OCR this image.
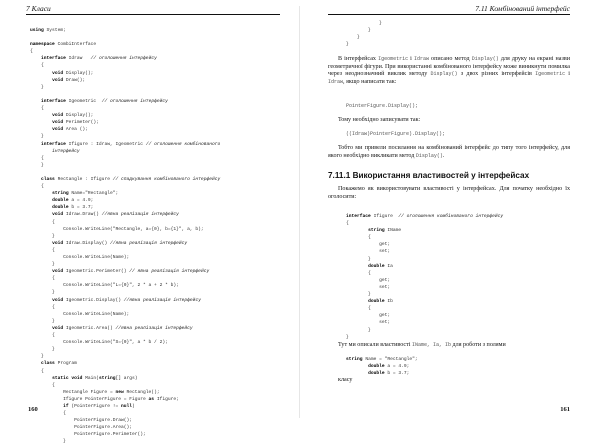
7 Класи
using System;
namespace CombiInterface
{
interface Idraw   // оголошення інтерфейсу
{
void Display();
void Draw();
}
interface Igeometric  // оголошення інтерфейсу
{
void Display();
void Perimeter();
void Area ();
}
interface Ifigure : Idraw, Igeometric // оголошення комбінованого
інтерфейсу
{
}
class Rectangle : Ifigure // спадкування комбінованого інтерфейсу
{
string Name="Rectangle";
double a = 4.9;
double b = 3.7;
void Idraw.Draw() //явна реалізація інтерфейсу
{
Console.WriteLine("Rectangle, a={0}, b={1}", a, b);
}
void Idraw.Display() //явна реалізація інтерфейсу
{
Console.WriteLine(Name);
}
void Igeometric.Perimeter() // явна реалізація інтерфейсу
{
Console.WriteLine("L={0}", 2 * a + 2 * b);
}
void Igeometric.Display() //явна реалізація інтерфейсу
{
Console.WriteLine(Name);
}
void Igeometric.Area() //явна реалізація інтерфейсу
{
Console.WriteLine("S={0}", a * b / 2);
}
}
class Program
{
static void Main(string[] args)
{
Rectangle Figure = new Rectangle();
Ifigure PointerFigure = Figure as Ifigure;
if (PointerFigure != null)
{
PointerFigure.Draw();
PointerFigure.Area();
PointerFigure.Perimeter();
}
160
7.11 Комбінований інтерфейс
}
}
}
}
В інтерфейсах Igeometric і Idraw описано метод Display() для друку на екрані назви геометричної фігури. При використанні комбінованого інтерфейсу може виникнути помилка через неоднозначний виклик методу Display() з двох різних інтерфейсів Igeometric і Idraw, якщо написати так:
PointerFigure.Display();
Тому необхідно записувати так:
((Idraw)PointerFigure).Display();
Тобто ми привели посилання на комбінований інтерфейс до типу того інтерфейсу, для якого необхідно викликати метод Display().
7.11.1 Використання властивостей у інтерфейсах
Покажемо як використовувати властивості у інтерфейсах. Для початку необхідно їх оголосити:
interface Ifigure  // оголошення комбінованого інтерфейсу
{
string IName
{
get;
set;
}
double Ia
{
get;
set;
}
double Ib
{
get;
set;
}
}
Тут ми описали властивості IName, Ia, Ib для роботи з полями
string Name = "Rectangle";
double a = 4.9;
double b = 3.7;
класу
161
